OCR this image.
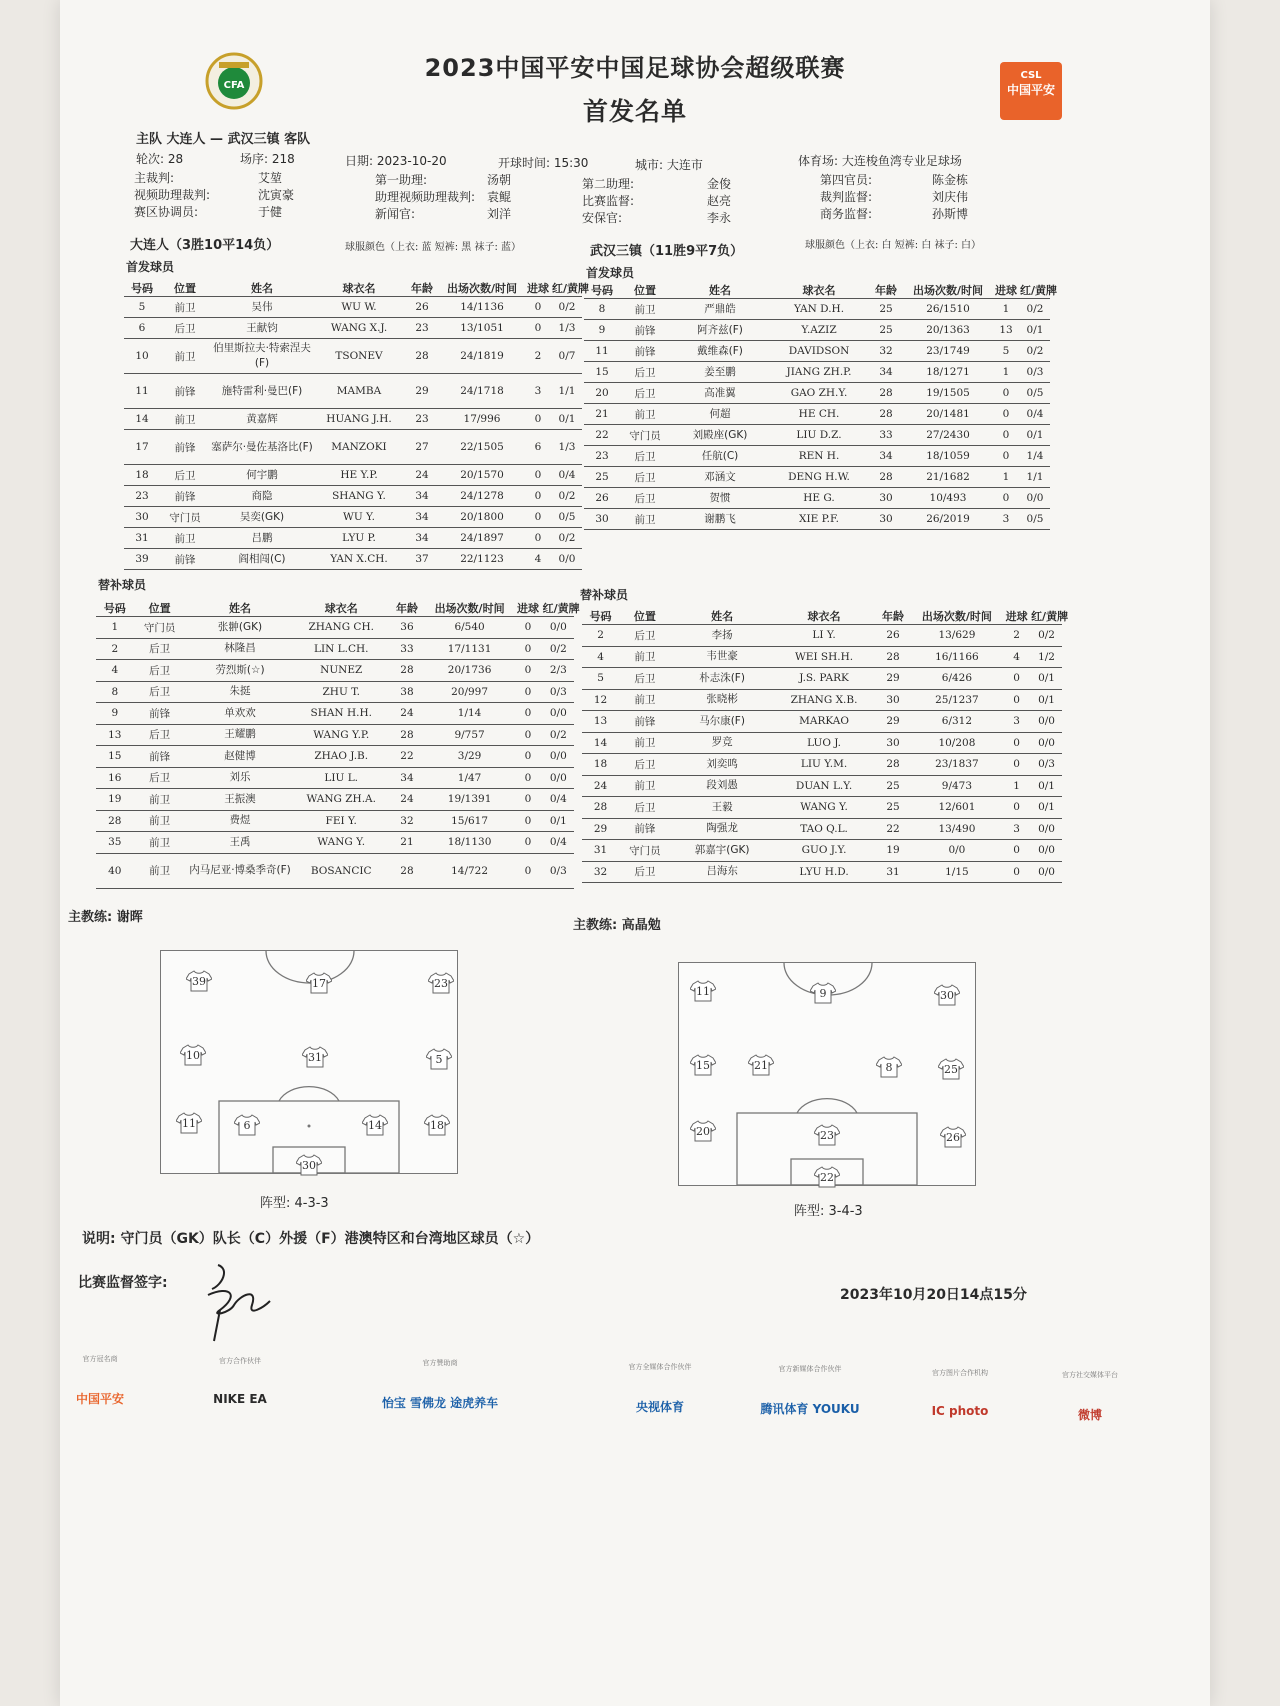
CFA
2023中国平安中国足球协会超级联赛
首发名单
CSL
中国平安
主队 大连人 — 武汉三镇 客队
轮次: 28	场序: 218	日期: 2023-10-20	开球时间: 15:30	城市: 大连市	体育场: 大连梭鱼湾专业足球场
主裁判:	艾堃
视频助理裁判:	沈寅豪
赛区协调员:	于健
第一助理:	汤朝
助理视频助理裁判: 袁鲲
新闻官:	刘洋
第二助理:	金俊
比赛监督:	赵亮
安保官:	李永
第四官员:	陈金栋
裁判监督:	刘庆伟
商务监督:	孙斯博
大连人（3胜10平14负）	球服颜色（上衣: 蓝 短裤: 黑 袜子: 蓝）	武汉三镇（11胜9平7负）	球服颜色（上衣: 白 短裤: 白 袜子: 白）
首发球员	首发球员
号码	位置	姓名	球衣名	年龄	出场次数/时间	进球	红/黄牌
5	前卫	吴伟	WU W.	26	14/1136	0	0/2
6	后卫	王献钧	WANG X.J.	23	13/1051	0	1/3
10	前卫	伯里斯拉夫·特索涅夫(F)	TSONEV	28	24/1819	2	0/7
11	前锋	施特雷利·曼巴(F)	MAMBA	29	24/1718	3	1/1
14	前卫	黄嘉辉	HUANG J.H.	23	17/996	0	0/1
17	前锋	塞萨尔·曼佐基洛比(F)	MANZOKI	27	22/1505	6	1/3
18	后卫	何宇鹏	HE Y.P.	24	20/1570	0	0/4
23	前锋	商隐	SHANG Y.	34	24/1278	0	0/2
30	守门员	吴奕(GK)	WU Y.	34	20/1800	0	0/5
31	前卫	吕鹏	LYU P.	34	24/1897	0	0/2
39	前锋	阎相闯(C)	YAN X.CH.	37	22/1123	4	0/0
号码	位置	姓名	球衣名	年龄	出场次数/时间	进球	红/黄牌
8	前卫	严鼎皓	YAN D.H.	25	26/1510	1	0/2
9	前锋	阿齐兹(F)	Y.AZIZ	25	20/1363	13	0/1
11	前锋	戴维森(F)	DAVIDSON	32	23/1749	5	0/2
15	后卫	姜至鹏	JIANG ZH.P.	34	18/1271	1	0/3
20	后卫	高准翼	GAO ZH.Y.	28	19/1505	0	0/5
21	前卫	何超	HE CH.	28	20/1481	0	0/4
22	守门员	刘殿座(GK)	LIU D.Z.	33	27/2430	0	0/1
23	后卫	任航(C)	REN H.	34	18/1059	0	1/4
25	后卫	邓涵文	DENG H.W.	28	21/1682	1	1/1
26	后卫	贺惯	HE G.	30	10/493	0	0/0
30	前卫	谢鹏飞	XIE P.F.	30	26/2019	3	0/5
替补球员
替补球员
号码	位置	姓名	球衣名	年龄	出场次数/时间	进球	红/黄牌
1	守门员	张翀(GK)	ZHANG CH.	36	6/540	0	0/0
2	后卫	林隆昌	LIN L.CH.	33	17/1131	0	0/2
4	后卫	劳烈斯(☆)	NUNEZ	28	20/1736	0	2/3
8	后卫	朱挺	ZHU T.	38	20/997	0	0/3
9	前锋	单欢欢	SHAN H.H.	24	1/14	0	0/0
13	后卫	王耀鹏	WANG Y.P.	28	9/757	0	0/2
15	前锋	赵健博	ZHAO J.B.	22	3/29	0	0/0
16	后卫	刘乐	LIU L.	34	1/47	0	0/0
19	前卫	王振澳	WANG ZH.A.	24	19/1391	0	0/4
28	前卫	费煜	FEI Y.	32	15/617	0	0/1
35	前卫	王禹	WANG Y.	21	18/1130	0	0/4
40	前卫	内马尼亚·博桑季奇(F)	BOSANCIC	28	14/722	0	0/3
号码	位置	姓名	球衣名	年龄	出场次数/时间	进球	红/黄牌
2	后卫	李扬	LI Y.	26	13/629	2	0/2
4	前卫	韦世豪	WEI SH.H.	28	16/1166	4	1/2
5	后卫	朴志洙(F)	J.S. PARK	29	6/426	0	0/1
12	前卫	张晓彬	ZHANG X.B.	30	25/1237	0	0/1
13	前锋	马尔康(F)	MARKAO	29	6/312	3	0/0
14	前卫	罗竞	LUO J.	30	10/208	0	0/0
18	后卫	刘奕鸣	LIU Y.M.	28	23/1837	0	0/3
24	前卫	段刘愚	DUAN L.Y.	25	9/473	1	0/1
28	后卫	王毅	WANG Y.	25	12/601	0	0/1
29	前锋	陶强龙	TAO Q.L.	22	13/490	3	0/0
31	守门员	郭嘉宇(GK)	GUO J.Y.	19	0/0	0	0/0
32	后卫	吕海东	LYU H.D.	31	1/15	0	0/0
主教练: 谢晖
主教练: 高晶勉
39	17	23
10	31	5
11	6	14	18
30
阵型: 4-3-3
11	9	30
15	21	8	25
20	23	26
22
阵型: 3-4-3
说明: 守门员（GK）队长（C）外援（F）港澳特区和台湾地区球员（☆）
比赛监督签字:
2023年10月20日14点15分
官方冠名商
中国平安
官方合作伙伴
NIKE EA
官方赞助商
怡宝 雪佛龙 途虎养车
官方全媒体合作伙伴
央视体育
官方新媒体合作伙伴
腾讯体育 YOUKU
官方图片合作机构
IC photo
官方社交媒体平台
微博
